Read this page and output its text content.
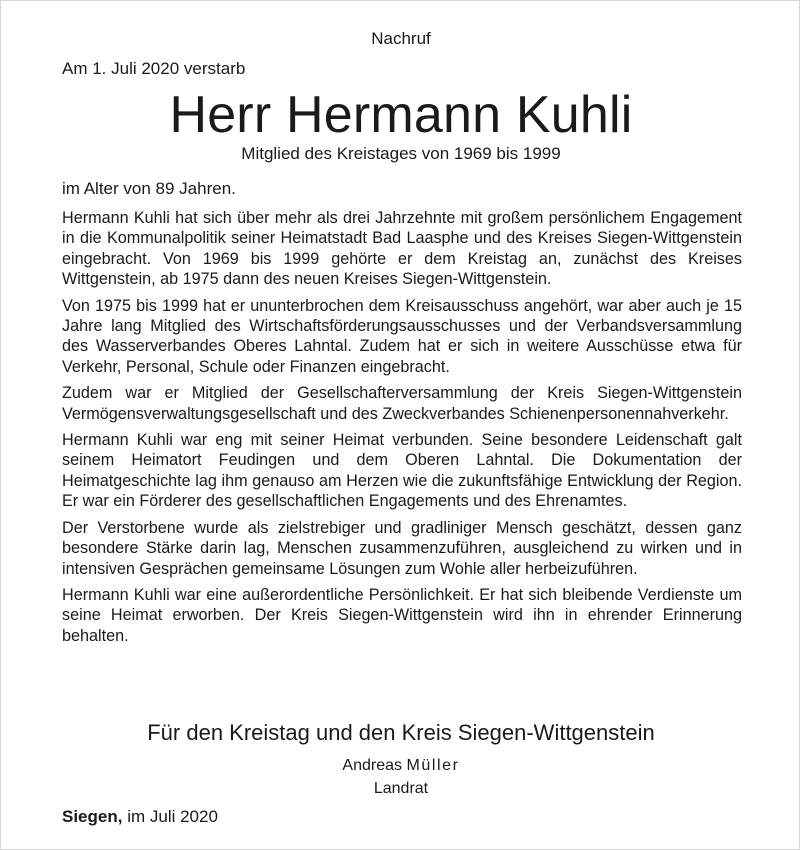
Nachruf
Am 1. Juli 2020 verstarb
Herr Hermann Kuhli
Mitglied des Kreistages von 1969 bis 1999
im Alter von 89 Jahren.

Hermann Kuhli hat sich über mehr als drei Jahrzehnte mit großem persönlichem Engagement in die Kommunalpolitik seiner Heimatstadt Bad Laasphe und des Kreises Siegen-Wittgenstein eingebracht. Von 1969 bis 1999 gehörte er dem Kreistag an, zunächst des Kreises Wittgenstein, ab 1975 dann des neuen Kreises Siegen-Wittgenstein.

Von 1975 bis 1999 hat er ununterbrochen dem Kreisausschuss angehört, war aber auch je 15 Jahre lang Mitglied des Wirtschaftsförderungsausschusses und der Verbandsversammlung des Wasserverbandes Oberes Lahntal. Zudem hat er sich in weitere Ausschüsse etwa für Verkehr, Personal, Schule oder Finanzen eingebracht.

Zudem war er Mitglied der Gesellschafterversammlung der Kreis Siegen-Wittgenstein Vermögensverwaltungsgesellschaft und des Zweckverbandes Schienenpersonennahverkehr.

Hermann Kuhli war eng mit seiner Heimat verbunden. Seine besondere Leidenschaft galt seinem Heimatort Feudingen und dem Oberen Lahntal. Die Dokumentation der Heimatgeschichte lag ihm genauso am Herzen wie die zukunftsfähige Entwicklung der Region. Er war ein Förderer des gesellschaftlichen Engagements und des Ehrenamtes.

Der Verstorbene wurde als zielstrebiger und gradliniger Mensch geschätzt, dessen ganz besondere Stärke darin lag, Menschen zusammenzuführen, ausgleichend zu wirken und in intensiven Gesprächen gemeinsame Lösungen zum Wohle aller herbeizuführen.

Hermann Kuhli war eine außerordentliche Persönlichkeit. Er hat sich bleibende Verdienste um seine Heimat erworben. Der Kreis Siegen-Wittgenstein wird ihn in ehrender Erinnerung behalten.

Für den Kreistag und den Kreis Siegen-Wittgenstein
Andreas Müller
Landrat
Siegen, im Juli 2020
